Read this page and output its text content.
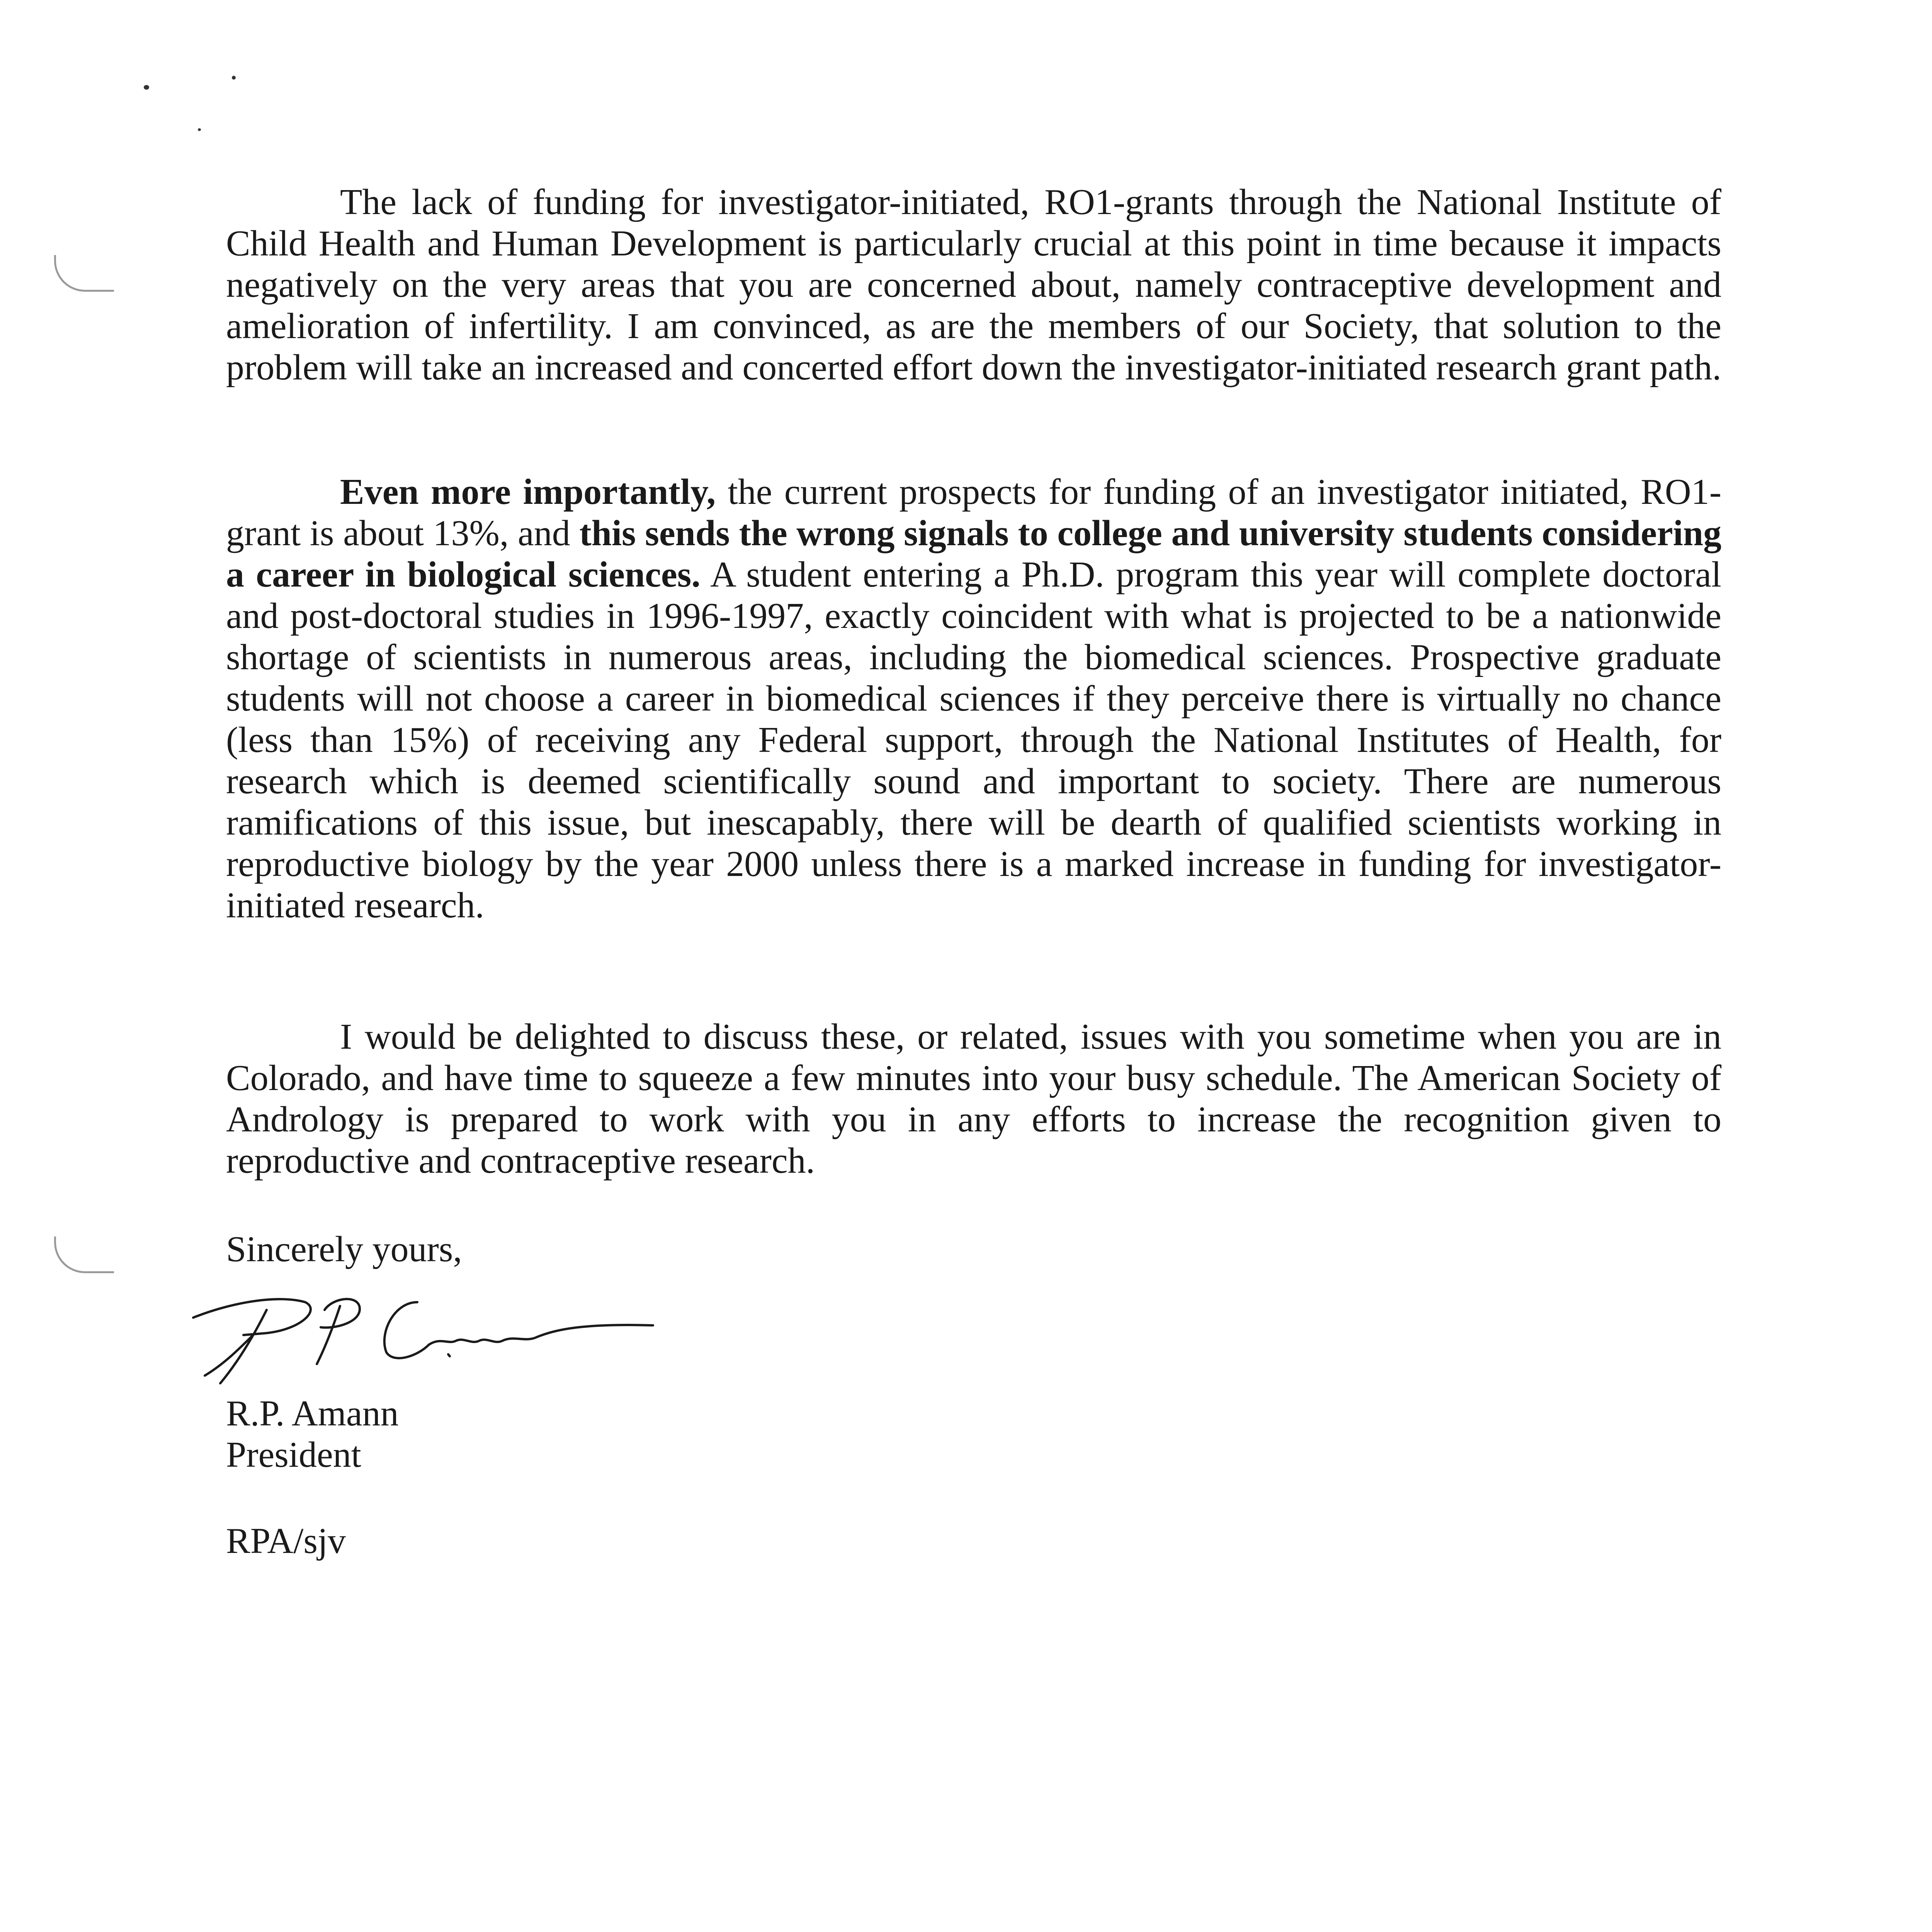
The lack of funding for investigator-initiated, RO1-grants through the National Institute of Child Health and Human Development is particularly crucial at this point in time because it impacts negatively on the very areas that you are concerned about, namely contraceptive development and amelioration of infertility. I am convinced, as are the members of our Society, that solution to the problem will take an increased and concerted effort down the investigator-initiated research grant path.

Even more importantly, the current prospects for funding of an investigator initiated, RO1-grant is about 13%, and this sends the wrong signals to college and university students considering a career in biological sciences. A student entering a Ph.D. program this year will complete doctoral and post-doctoral studies in 1996-1997, exactly coincident with what is projected to be a nationwide shortage of scientists in numerous areas, including the biomedical sciences. Prospective graduate students will not choose a career in biomedical sciences if they perceive there is virtually no chance (less than 15%) of receiving any Federal support, through the National Institutes of Health, for research which is deemed scientifically sound and important to society. There are numerous ramifications of this issue, but inescapably, there will be dearth of qualified scientists working in reproductive biology by the year 2000 unless there is a marked increase in funding for investigator-initiated research.

I would be delighted to discuss these, or related, issues with you sometime when you are in Colorado, and have time to squeeze a few minutes into your busy schedule. The American Society of Andrology is prepared to work with you in any efforts to increase the recognition given to reproductive and contraceptive research.

Sincerely yours,

R.P. Amann

President

RPA/sjv
